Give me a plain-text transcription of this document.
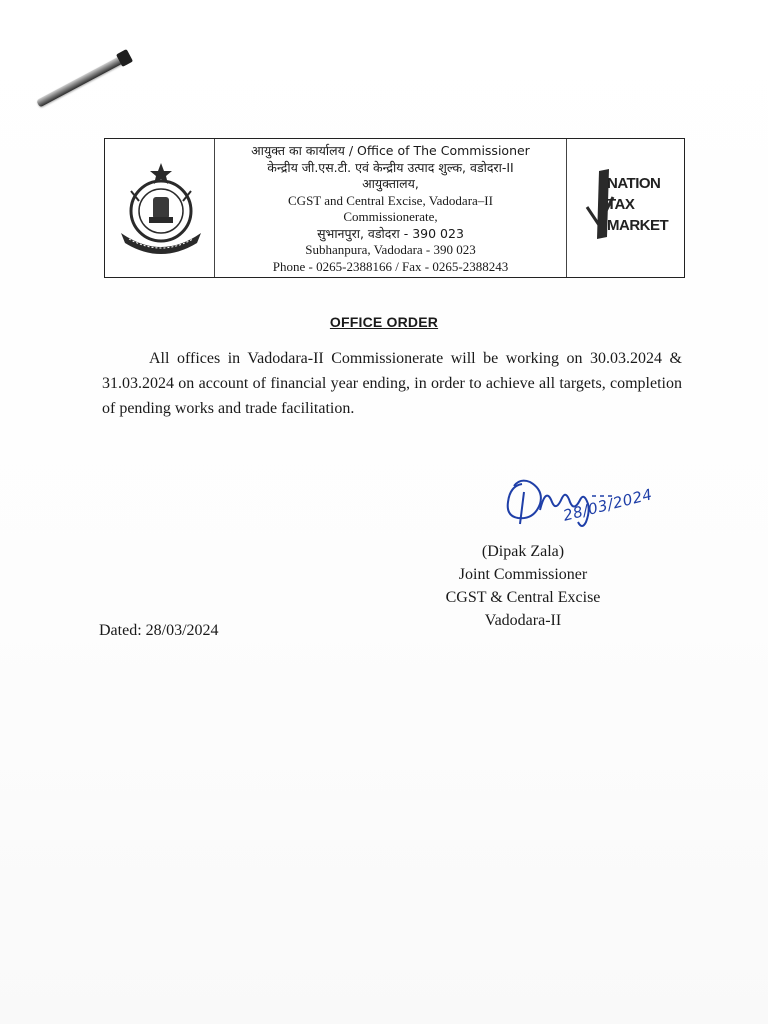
आयुक्त का कार्यालय / Office of The Commissioner
केन्द्रीय जी.एस.टी. एवं केन्द्रीय उत्पाद शुल्क, वडोदरा-II
आयुक्तालय,
CGST and Central Excise, Vadodara–II
Commissionerate,
सुभानपुरा, वडोदरा - 390 023
Subhanpura, Vadodara - 390 023
Phone - 0265-2388166 / Fax - 0265-2388243
NATION
TAX
MARKET
OFFICE ORDER

All offices in Vadodara-II Commissionerate will be working on 30.03.2024 & 31.03.2024 on account of financial year ending, in order to achieve all targets, completion of pending works and trade facilitation.

28/03/2024
(Dipak Zala)
Joint Commissioner
CGST & Central Excise
Vadodara-II
Dated: 28/03/2024
